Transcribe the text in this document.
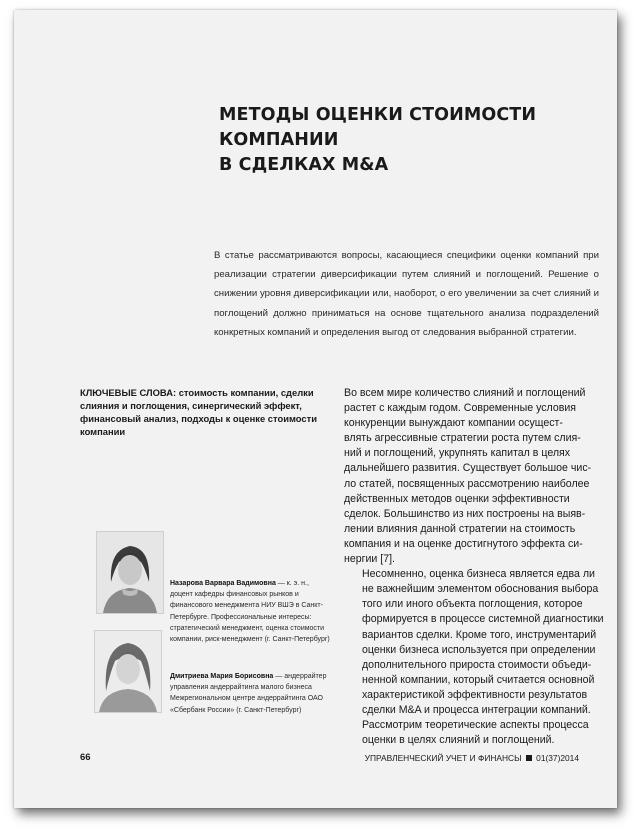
МЕТОДЫ ОЦЕНКИ СТОИМОСТИ КОМПАНИИ
В СДЕЛКАХ M&A
В статье рассматриваются вопросы, касающиеся специфики оценки компаний при реализации стратегии диверсификации путем слияний и поглощений. Решение о снижении уровня диверсификации или, наоборот, о его увеличении за счет слияний и поглощений должно приниматься на основе тщательного анализа подразделений конкретных компаний и определения выгод от следования выбранной стратегии.
КЛЮЧЕВЫЕ СЛОВА: стоимость компании, сделки слияния и поглощения, синергический эффект, финансовый анализ, подходы к оценке стоимости компании

Во всем мире количество слияний и поглощений
растет с каждым годом. Современные условия
конкуренции вынуждают компании осущест-
влять агрессивные стратегии роста путем слия-
ний и поглощений, укрупнять капитал в целях
дальнейшего развития. Существует большое чис-
ло статей, посвященных рассмотрению наиболее
действенных методов оценки эффективности
сделок. Большинство из них построены на выяв-
лении влияния данной стратегии на стоимость
компания и на оценке достигнутого эффекта си-
нергии [7].

Несомненно, оценка бизнеса является едва ли
не важнейшим элементом обоснования выбора
того или иного объекта поглощения, которое
формируется в процессе системной диагностики
вариантов сделки. Кроме того, инструментарий
оценки бизнеса используется при определении
дополнительного прироста стоимости объеди-
ненной компании, который считается основной
характеристикой эффективности результатов
сделки M&A и процесса интеграции компаний.
Рассмотрим теоретические аспекты процесса
оценки в целях слияний и поглощений.

Назарова Варвара Вадимовна — к. э. н., доцент кафедры финансовых рынков и финансового менеджмента НИУ ВШЭ в Санкт-Петербурге. Профессиональные интересы: стратегический менеджмент, оценка стоимости компании, риск-менеджмент (г. Санкт-Петербург)
Дмитриева Мария Борисовна — андеррайтер управления андеррайтинга малого бизнеса Межрегиональном центре андеррайтинга ОАО «Сбербанк России» (г. Санкт-Петербург)
66	УПРАВЛЕНЧЕСКИЙ УЧЕТ И ФИНАНСЫ 01(37)2014
